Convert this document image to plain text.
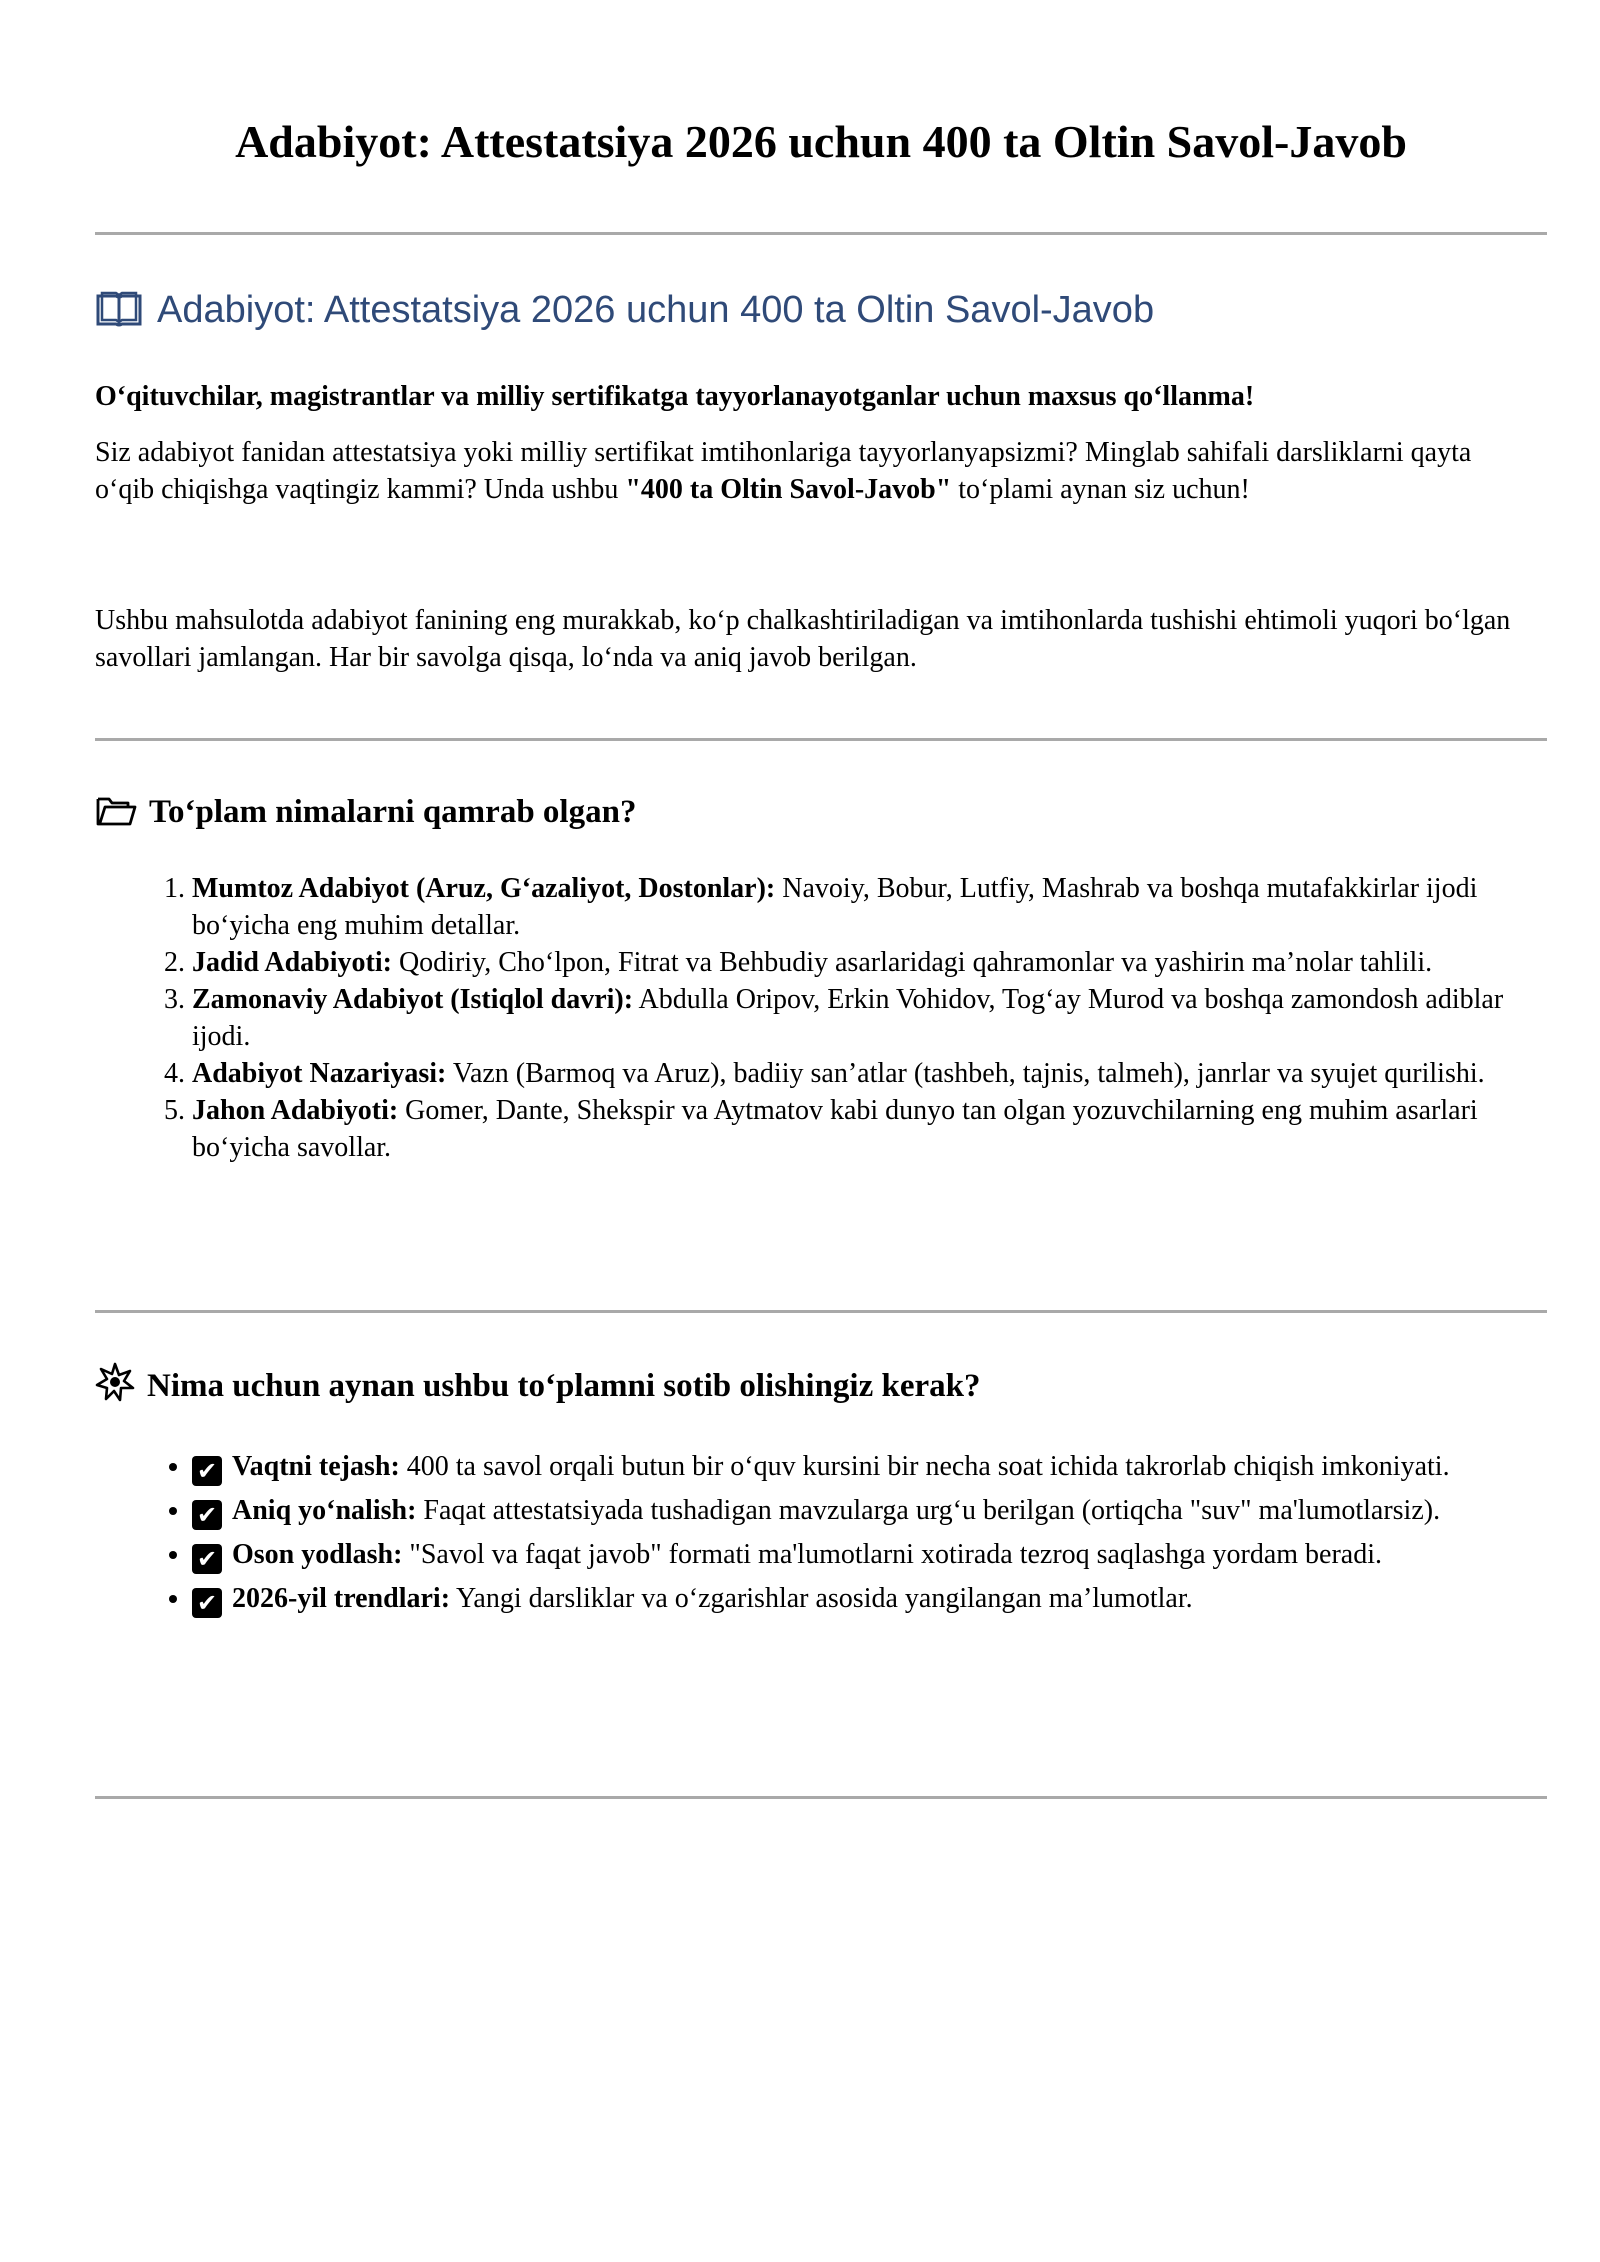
Adabiyot: Attestatsiya 2026 uchun 400 ta Oltin Savol-Javob
Adabiyot: Attestatsiya 2026 uchun 400 ta Oltin Savol-Javob
O‘qituvchilar, magistrantlar va milliy sertifikatga tayyorlanayotganlar uchun maxsus qo‘llanma!

Siz adabiyot fanidan attestatsiya yoki milliy sertifikat imtihonlariga tayyorlanyapsizmi? Minglab sahifali darsliklarni qayta o‘qib chiqishga vaqtingiz kammi? Unda ushbu "400 ta Oltin Savol-Javob" to‘plami aynan siz uchun!

Ushbu mahsulotda adabiyot fanining eng murakkab, ko‘p chalkashtiriladigan va imtihonlarda tushishi ehtimoli yuqori bo‘lgan savollari jamlangan. Har bir savolga qisqa, lo‘nda va aniq javob berilgan.

To‘plam nimalarni qamrab olgan?
1. Mumtoz Adabiyot (Aruz, G‘azaliyot, Dostonlar): Navoiy, Bobur, Lutfiy, Mashrab va boshqa mutafakkirlar ijodi bo‘yicha eng muhim detallar.
2. Jadid Adabiyoti: Qodiriy, Cho‘lpon, Fitrat va Behbudiy asarlaridagi qahramonlar va yashirin ma’nolar tahlili.
3. Zamonaviy Adabiyot (Istiqlol davri): Abdulla Oripov, Erkin Vohidov, Tog‘ay Murod va boshqa zamondosh adiblar ijodi.
4. Adabiyot Nazariyasi: Vazn (Barmoq va Aruz), badiiy san’atlar (tashbeh, tajnis, talmeh), janrlar va syujet qurilishi.
5. Jahon Adabiyoti: Gomer, Dante, Shekspir va Aytmatov kabi dunyo tan olgan yozuvchilarning eng muhim asarlari bo‘yicha savollar.
Nima uchun aynan ushbu to‘plamni sotib olishingiz kerak?
• ✔ Vaqtni tejash: 400 ta savol orqali butun bir o‘quv kursini bir necha soat ichida takrorlab chiqish imkoniyati.
• ✔ Aniq yo‘nalish: Faqat attestatsiyada tushadigan mavzularga urg‘u berilgan (ortiqcha "suv" ma'lumotlarsiz).
• ✔ Oson yodlash: "Savol va faqat javob" formati ma'lumotlarni xotirada tezroq saqlashga yordam beradi.
• ✔ 2026-yil trendlari: Yangi darsliklar va o‘zgarishlar asosida yangilangan ma’lumotlar.
